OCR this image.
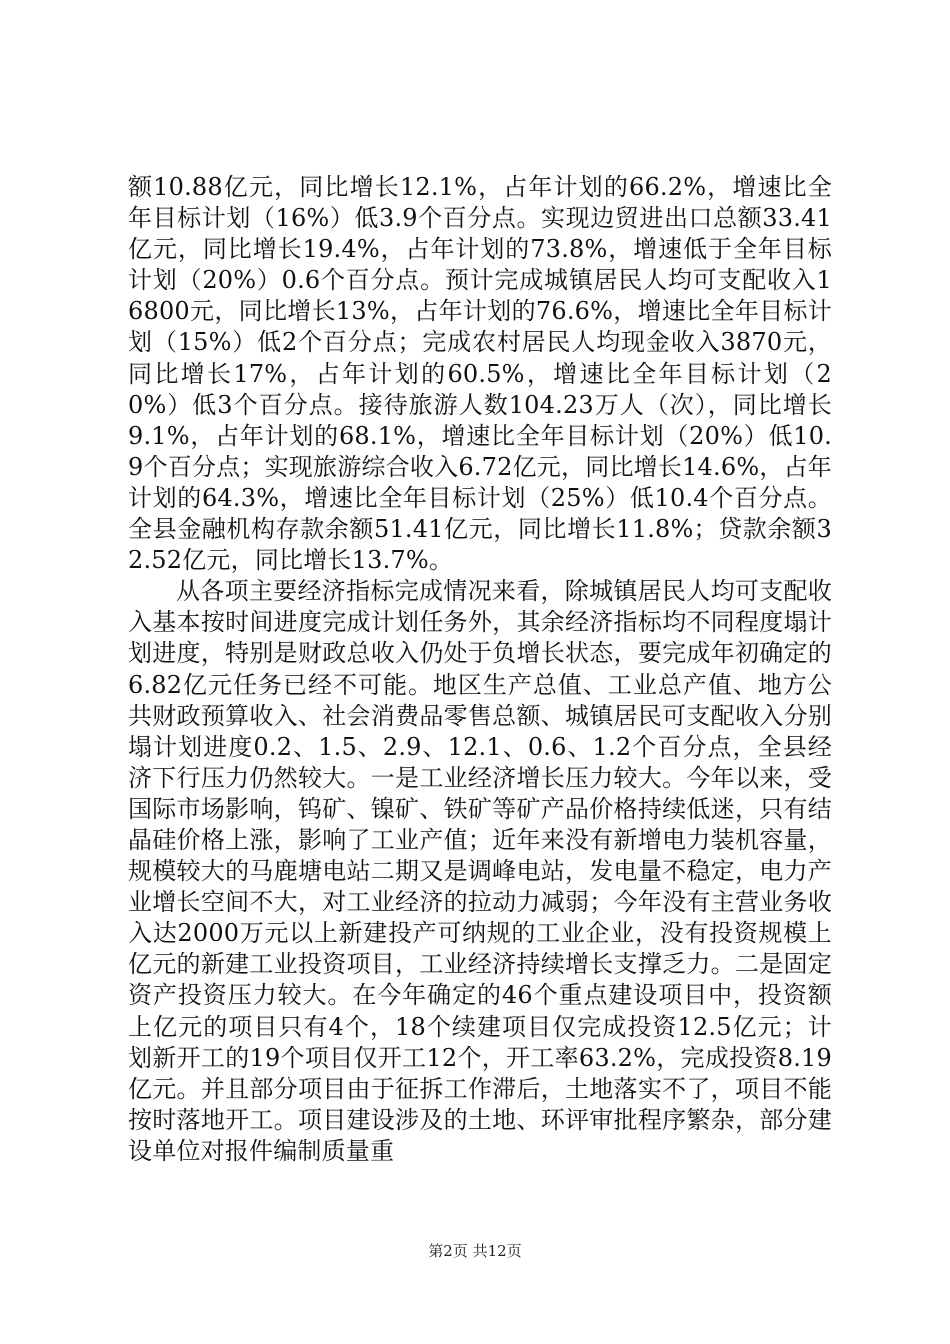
额10.88亿元，同比增长12.1%，占年计划的66.2%，增速比全年目标计划（16%）低3.9个百分点。实现边贸进出口总额33.41亿元，同比增长19.4%，占年计划的73.8%，增速低于全年目标计划（20%）0.6个百分点。预计完成城镇居民人均可支配收入16800元，同比增长13%，占年计划的76.6%，增速比全年目标计划（15%）低2个百分点；完成农村居民人均现金收入3870元，同比增长17%，占年计划的60.5%，增速比全年目标计划（20%）低3个百分点。接待旅游人数104.23万人（次），同比增长9.1%，占年计划的68.1%，增速比全年目标计划（20%）低10.9个百分点；实现旅游综合收入6.72亿元，同比增长14.6%，占年计划的64.3%，增速比全年目标计划（25%）低10.4个百分点。全县金融机构存款余额51.41亿元，同比增长11.8%；贷款余额32.52亿元，同比增长13.7%。

从各项主要经济指标完成情况来看，除城镇居民人均可支配收入基本按时间进度完成计划任务外，其余经济指标均不同程度塌计划进度，特别是财政总收入仍处于负增长状态，要完成年初确定的6.82亿元任务已经不可能。地区生产总值、工业总产值、地方公共财政预算收入、社会消费品零售总额、城镇居民可支配收入分别塌计划进度0.2、1.5、2.9、12.1、0.6、1.2个百分点，全县经济下行压力仍然较大。一是工业经济增长压力较大。今年以来，受国际市场影响，钨矿、镍矿、铁矿等矿产品价格持续低迷，只有结晶硅价格上涨，影响了工业产值；近年来没有新增电力装机容量，规模较大的马鹿塘电站二期又是调峰电站，发电量不稳定，电力产业增长空间不大，对工业经济的拉动力减弱；今年没有主营业务收入达2000万元以上新建投产可纳规的工业企业，没有投资规模上亿元的新建工业投资项目，工业经济持续增长支撑乏力。二是固定资产投资压力较大。在今年确定的46个重点建设项目中，投资额上亿元的项目只有4个，18个续建项目仅完成投资12.5亿元；计划新开工的19个项目仅开工12个，开工率63.2%，完成投资8.19亿元。并且部分项目由于征拆工作滞后，土地落实不了，项目不能按时落地开工。项目建设涉及的土地、环评审批程序繁杂，部分建设单位对报件编制质量重

第2页 共12页
